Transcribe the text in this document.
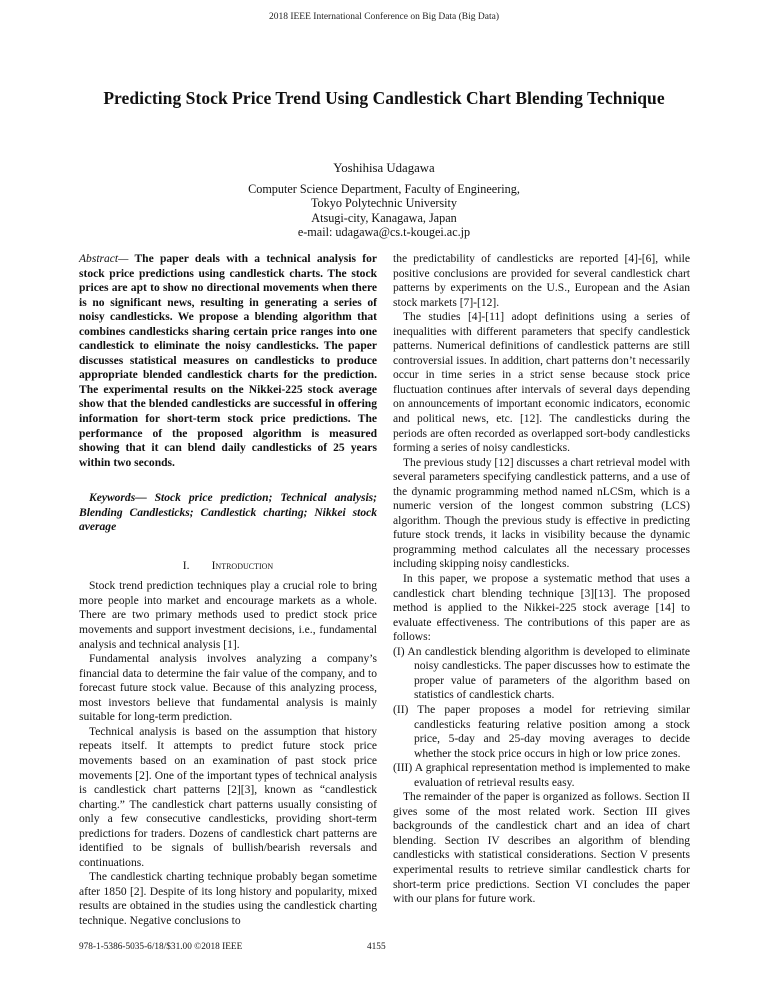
2018 IEEE International Conference on Big Data (Big Data)
Predicting Stock Price Trend Using Candlestick Chart Blending Technique
Yoshihisa Udagawa
Computer Science Department, Faculty of Engineering,
Tokyo Polytechnic University
Atsugi-city, Kanagawa, Japan
e-mail: udagawa@cs.t-kougei.ac.jp

Abstract— The paper deals with a technical analysis for stock price predictions using candlestick charts. The stock prices are apt to show no directional movements when there is no significant news, resulting in generating a series of noisy candlesticks. We propose a blending algorithm that combines candlesticks sharing certain price ranges into one candlestick to eliminate the noisy candlesticks. The paper discusses statistical measures on candlesticks to produce appropriate blended candlestick charts for the prediction. The experimental results on the Nikkei-225 stock average show that the blended candlesticks are successful in offering information for short-term stock price predictions. The performance of the proposed algorithm is measured showing that it can blend daily candlesticks of 25 years within two seconds.

Keywords— Stock price prediction; Technical analysis; Blending Candlesticks; Candlestick charting; Nikkei stock average

I. Introduction

Stock trend prediction techniques play a crucial role to bring more people into market and encourage markets as a whole. There are two primary methods used to predict stock price movements and support investment decisions, i.e., fundamental analysis and technical analysis [1].

Fundamental analysis involves analyzing a company’s financial data to determine the fair value of the company, and to forecast future stock value. Because of this analyzing process, most investors believe that fundamental analysis is mainly suitable for long-term prediction.

Technical analysis is based on the assumption that history repeats itself. It attempts to predict future stock price movements based on an examination of past stock price movements [2]. One of the important types of technical analysis is candlestick chart patterns [2][3], known as “candlestick charting.” The candlestick chart patterns usually consisting of only a few consecutive candlesticks, providing short-term predictions for traders. Dozens of candlestick chart patterns are identified to be signals of bullish/bearish reversals and continuations.

The candlestick charting technique probably began sometime after 1850 [2]. Despite of its long history and popularity, mixed results are obtained in the studies using the candlestick charting technique. Negative conclusions to

the predictability of candlesticks are reported [4]-[6], while positive conclusions are provided for several candlestick chart patterns by experiments on the U.S., European and the Asian stock markets [7]-[12].

The studies [4]-[11] adopt definitions using a series of inequalities with different parameters that specify candlestick patterns. Numerical definitions of candlestick patterns are still controversial issues. In addition, chart patterns don’t necessarily occur in time series in a strict sense because stock price fluctuation continues after intervals of several days depending on announcements of important economic indicators, economic and political news, etc. [12]. The candlesticks during the periods are often recorded as overlapped sort-body candlesticks forming a series of noisy candlesticks.

The previous study [12] discusses a chart retrieval model with several parameters specifying candlestick patterns, and a use of the dynamic programming method named nLCSm, which is a numeric version of the longest common substring (LCS) algorithm. Though the previous study is effective in predicting future stock trends, it lacks in visibility because the dynamic programming method calculates all the necessary processes including skipping noisy candlesticks.

In this paper, we propose a systematic method that uses a candlestick chart blending technique [3][13]. The proposed method is applied to the Nikkei-225 stock average [14] to evaluate effectiveness. The contributions of this paper are as follows:

(I) An candlestick blending algorithm is developed to eliminate noisy candlesticks. The paper discusses how to estimate the proper value of parameters of the algorithm based on statistics of candlestick charts.

(II) The paper proposes a model for retrieving similar candlesticks featuring relative position among a stock price, 5-day and 25-day moving averages to decide whether the stock price occurs in high or low price zones.

(III) A graphical representation method is implemented to make evaluation of retrieval results easy.

The remainder of the paper is organized as follows. Section II gives some of the most related work. Section III gives backgrounds of the candlestick chart and an idea of chart blending. Section IV describes an algorithm of blending candlesticks with statistical considerations. Section V presents experimental results to retrieve similar candlestick charts for short-term price predictions. Section VI concludes the paper with our plans for future work.

978-1-5386-5035-6/18/$31.00 ©2018 IEEE	4155
